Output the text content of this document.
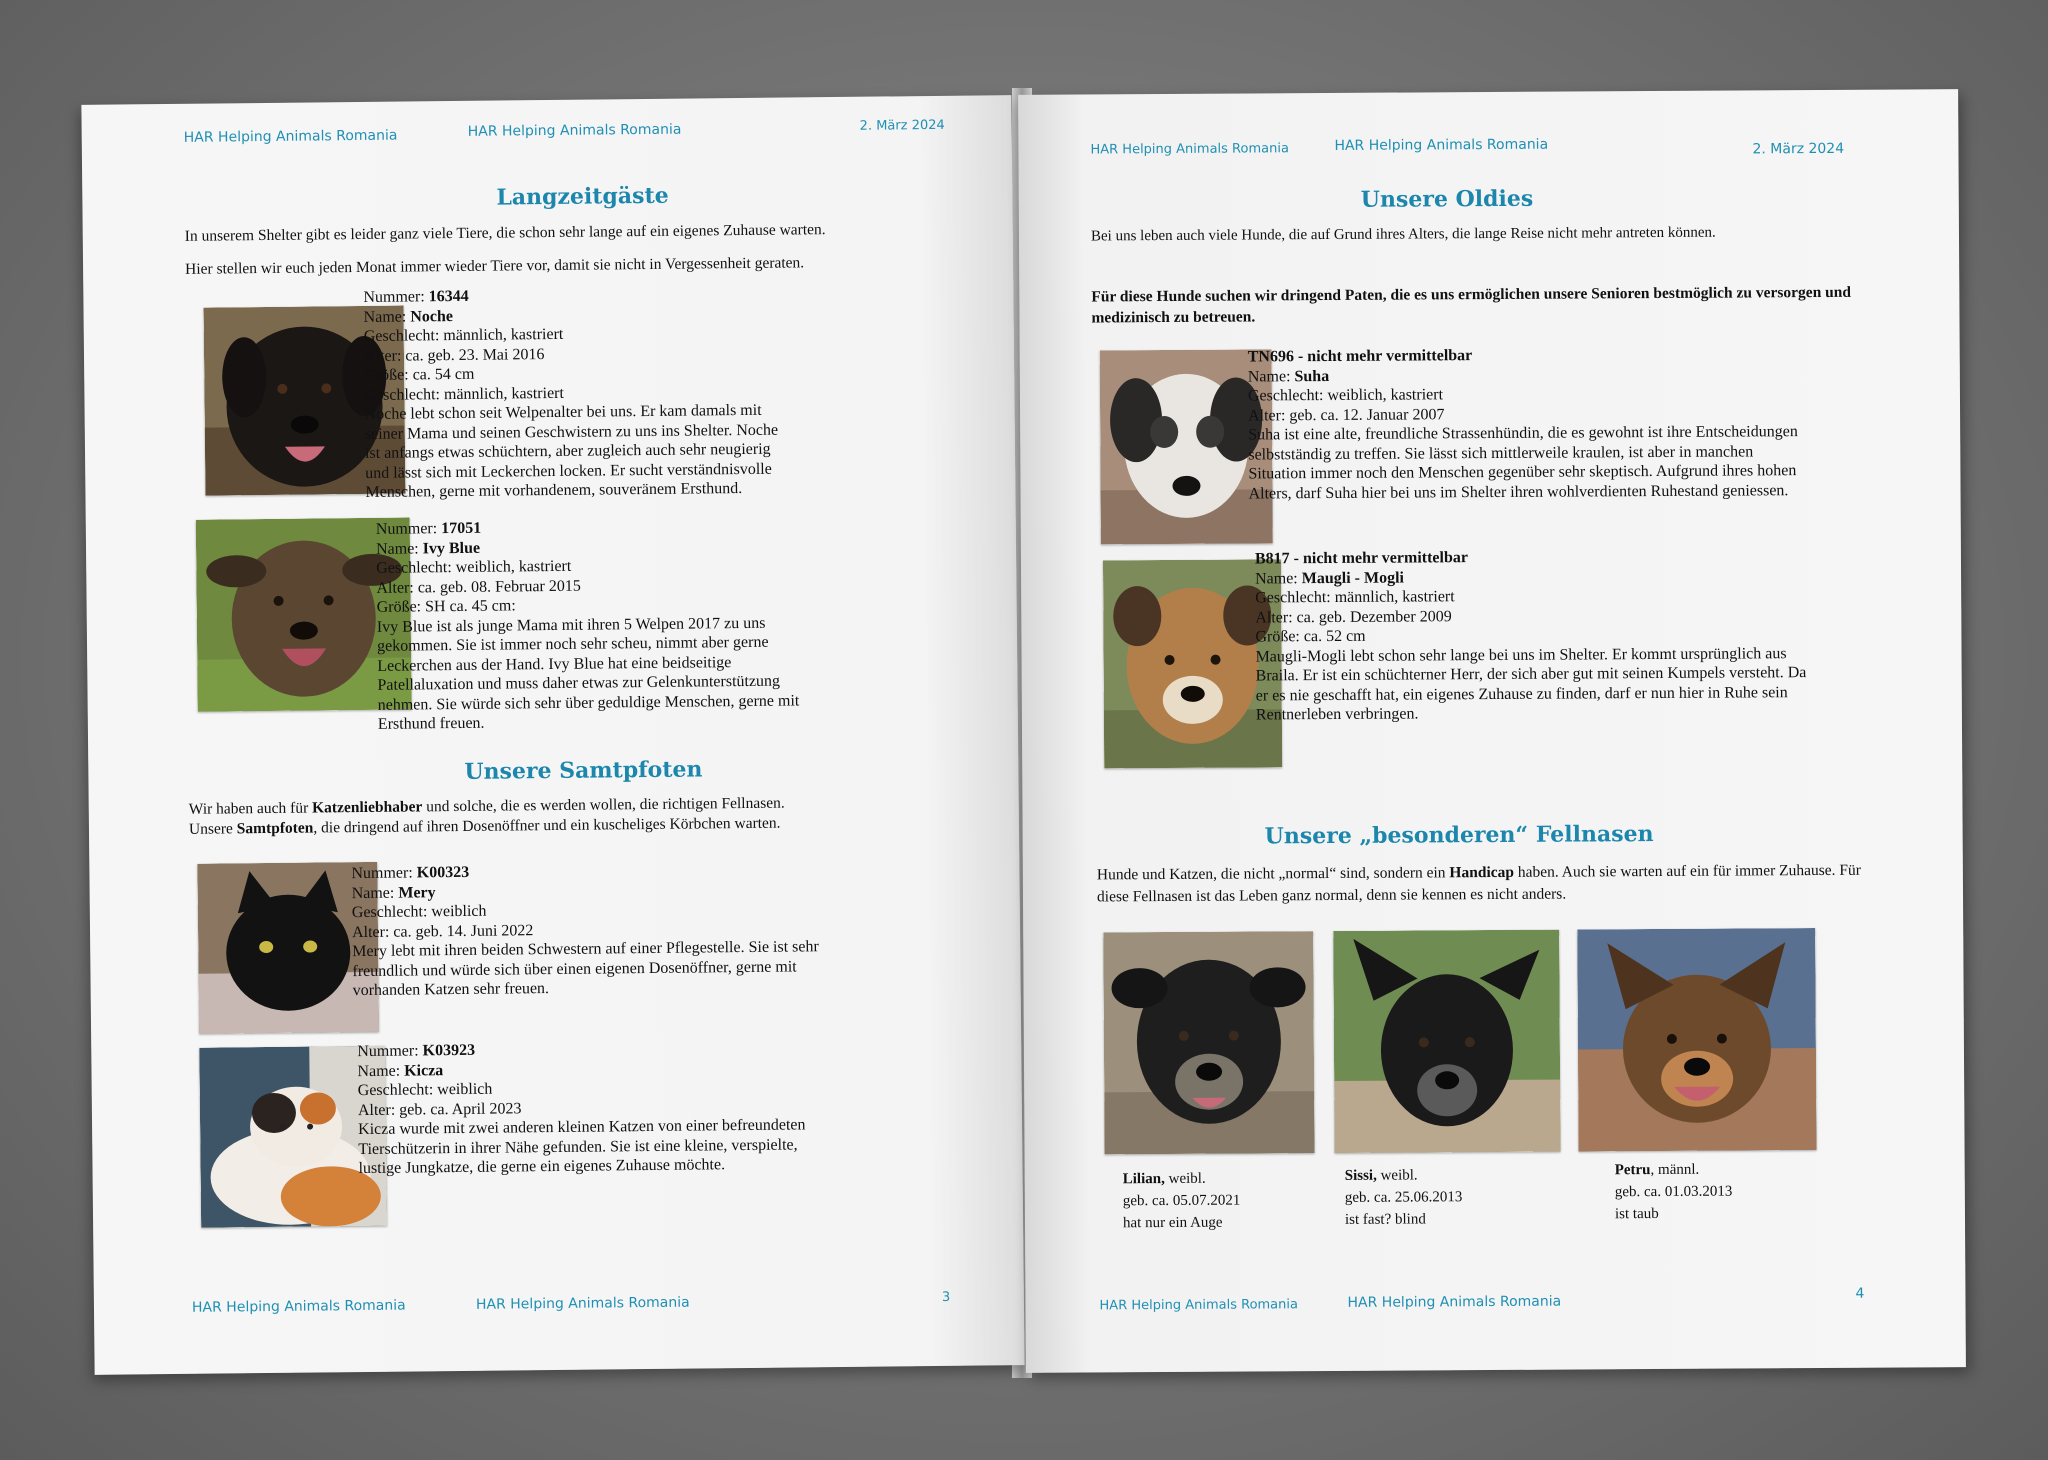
HAR Helping Animals Romania	HAR Helping Animals Romania	2. März 2024
Langzeitgäste
In unserem Shelter gibt es leider ganz viele Tiere, die schon sehr lange auf ein eigenes Zuhause warten.
Hier stellen wir euch jeden Monat immer wieder Tiere vor, damit sie nicht in Vergessenheit geraten.
Nummer: 16344
Name: Noche
Geschlecht: männlich, kastriert
Alter: ca. geb. 23. Mai 2016
Größe: ca. 54 cm
Geschlecht: männlich, kastriert
Noche lebt schon seit Welpenalter bei uns. Er kam damals mit seiner Mama und seinen Geschwistern zu uns ins Shelter. Noche ist anfangs etwas schüchtern, aber zugleich auch sehr neugierig und lässt sich mit Leckerchen locken. Er sucht verständnisvolle Menschen, gerne mit vorhandenem, souveränem Ersthund.
Nummer: 17051
Name: Ivy Blue
Geschlecht: weiblich, kastriert
Alter: ca. geb. 08. Februar 2015
Größe: SH ca. 45 cm:
Ivy Blue ist als junge Mama mit ihren 5 Welpen 2017 zu uns gekommen. Sie ist immer noch sehr scheu, nimmt aber gerne Leckerchen aus der Hand. Ivy Blue hat eine beidseitige Patellaluxation und muss daher etwas zur Gelenkunterstützung nehmen. Sie würde sich sehr über geduldige Menschen, gerne mit Ersthund freuen.
Unsere Samtpfoten
Wir haben auch für Katzenliebhaber und solche, die es werden wollen, die richtigen Fellnasen.
Unsere Samtpfoten, die dringend auf ihren Dosenöffner und ein kuscheliges Körbchen warten.
Nummer: K00323
Name: Mery
Geschlecht: weiblich
Alter: ca. geb. 14. Juni 2022
Mery lebt mit ihren beiden Schwestern auf einer Pflegestelle. Sie ist sehr freundlich und würde sich über einen eigenen Dosenöffner, gerne mit vorhanden Katzen sehr freuen.
Nummer: K03923
Name: Kicza
Geschlecht: weiblich
Alter: geb. ca. April 2023
Kicza wurde mit zwei anderen kleinen Katzen von einer befreundeten Tierschützerin in ihrer Nähe gefunden. Sie ist eine kleine, verspielte, lustige Jungkatze, die gerne ein eigenes Zuhause möchte.
HAR Helping Animals Romania	HAR Helping Animals Romania	3
HAR Helping Animals Romania	HAR Helping Animals Romania	2. März 2024
Unsere Oldies
Bei uns leben auch viele Hunde, die auf Grund ihres Alters, die lange Reise nicht mehr antreten können.
Für diese Hunde suchen wir dringend Paten, die es uns ermöglichen unsere Senioren bestmöglich zu versorgen und medizinisch zu betreuen.
TN696 - nicht mehr vermittelbar
Name: Suha
Geschlecht: weiblich, kastriert
Alter: geb. ca. 12. Januar 2007
Suha ist eine alte, freundliche Strassenhündin, die es gewohnt ist ihre Entscheidungen selbstständig zu treffen. Sie lässt sich mittlerweile kraulen, ist aber in manchen Situation immer noch den Menschen gegenüber sehr skeptisch. Aufgrund ihres hohen Alters, darf Suha hier bei uns im Shelter ihren wohlverdienten Ruhestand geniessen.
B817 - nicht mehr vermittelbar
Name: Maugli - Mogli
Geschlecht: männlich, kastriert
Alter: ca. geb. Dezember 2009
Größe: ca. 52 cm
Maugli-Mogli lebt schon sehr lange bei uns im Shelter. Er kommt ursprünglich aus Braila. Er ist ein schüchterner Herr, der sich aber gut mit seinen Kumpels versteht. Da er es nie geschafft hat, ein eigenes Zuhause zu finden, darf er nun hier in Ruhe sein Rentnerleben verbringen.
Unsere „besonderen“ Fellnasen
Hunde und Katzen, die nicht „normal“ sind, sondern ein Handicap haben. Auch sie warten auf ein für immer Zuhause. Für diese Fellnasen ist das Leben ganz normal, denn sie kennen es nicht anders.
Lilian, weibl.
geb. ca. 05.07.2021
hat nur ein Auge
Sissi, weibl.
geb. ca. 25.06.2013
ist fast? blind
Petru, männl.
geb. ca. 01.03.2013
ist taub
HAR Helping Animals Romania	HAR Helping Animals Romania	4
